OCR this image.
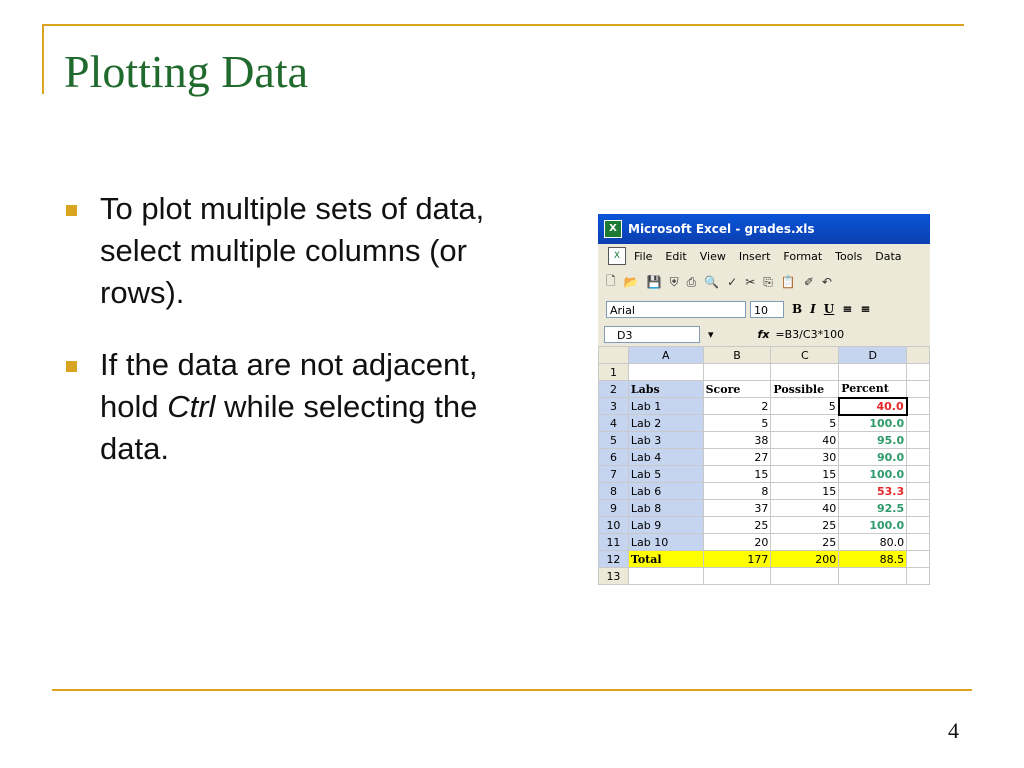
Plotting Data
To plot multiple sets of data, select multiple columns (or rows).
If the data are not adjacent, hold Ctrl while selecting the data.
4
X Microsoft Excel - grades.xls
X	File Edit View Insert Format Tools Data
🗋 📂 💾 ⛨ ⎙ 🔍 ✓ ✂ ⎘ 📋 ✐ ↶
Arial	10	B I U ≡ ≡
D3	▾	fx =B3/C3*100
	A	B	C	D	
1					
2	Labs	Score	Possible	Percent	
3	Lab 1	2	5	40.0	
4	Lab 2	5	5	100.0	
5	Lab 3	38	40	95.0	
6	Lab 4	27	30	90.0	
7	Lab 5	15	15	100.0	
8	Lab 6	8	15	53.3	
9	Lab 8	37	40	92.5	
10	Lab 9	25	25	100.0	
11	Lab 10	20	25	80.0	
12	Total	177	200	88.5	
13					
